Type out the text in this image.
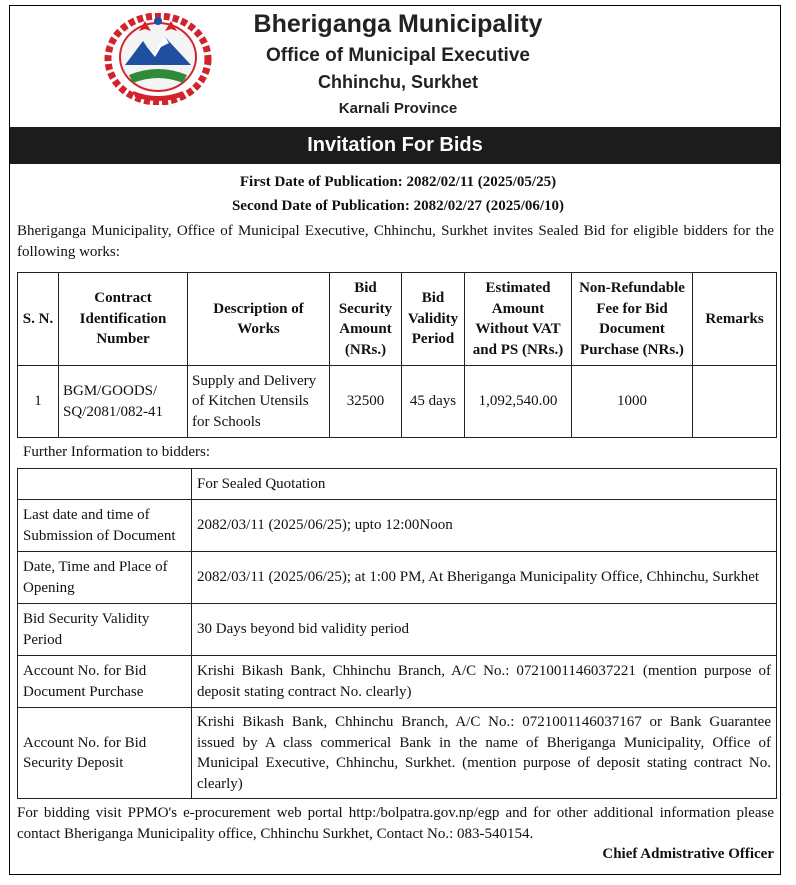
Bheriganga Municipality
Office of Municipal Executive
Chhinchu, Surkhet
Karnali Province
Invitation For Bids
First Date of Publication: 2082/02/11 (2025/05/25)
Second Date of Publication: 2082/02/27 (2025/06/10)
Bheriganga Municipality, Office of Municipal Executive, Chhinchu, Surkhet invites Sealed Bid for eligible bidders for the following works:
S. N.	Contract Identification Number	Description of Works	Bid Security Amount (NRs.)	Bid Validity Period	Estimated Amount Without VAT and PS (NRs.)	Non-Refundable Fee for Bid Document Purchase (NRs.)	Remarks
1	BGM/GOODS/ SQ/2081/082-41	Supply and Delivery of Kitchen Utensils for Schools	32500	45 days	1,092,540.00	1000	
Further Information to bidders:
	For Sealed Quotation
Last date and time of Submission of Document	2082/03/11 (2025/06/25); upto 12:00Noon
Date, Time and Place of Opening	2082/03/11 (2025/06/25); at 1:00 PM, At Bheriganga Municipality Office, Chhinchu, Surkhet
Bid Security Validity Period	30 Days beyond bid validity period
Account No. for Bid Document Purchase	Krishi Bikash Bank, Chhinchu Branch, A/C No.: 0721001146037221 (mention purpose of deposit stating contract No. clearly)
Account No. for Bid Security Deposit	Krishi Bikash Bank, Chhinchu Branch, A/C No.: 0721001146037167 or Bank Guarantee issued by A class commerical Bank in the name of Bheriganga Municipality, Office of Municipal Executive, Chhinchu, Surkhet. (mention purpose of deposit stating contract No. clearly)
For bidding visit PPMO's e-procurement web portal http:/bolpatra.gov.np/egp and for other additional information please contact Bheriganga Municipality office, Chhinchu Surkhet, Contact No.: 083-540154.
Chief Admistrative Officer
